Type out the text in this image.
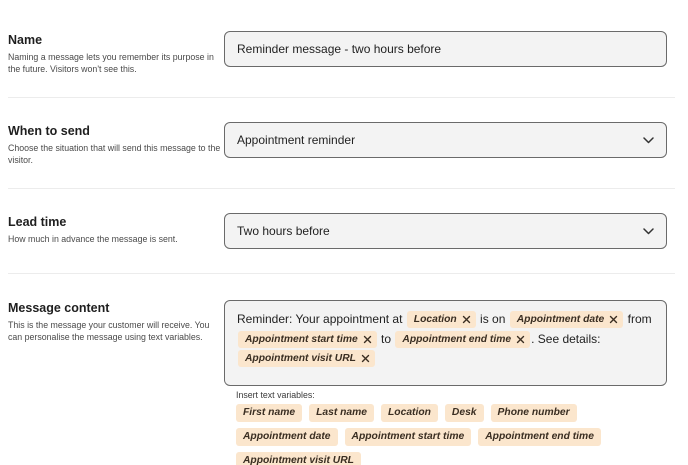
Name
Naming a message lets you remember its purpose in the future. Visitors won't see this.
Reminder message - two hours before
When to send
Choose the situation that will send this message to the visitor.
Appointment reminder
Lead time
How much in advance the message is sent.
Two hours before
Message content
This is the message your customer will receive. You can personalise the message using text variables.
Reminder: Your appointment at Location is on Appointment date from
Appointment start time to Appointment end time . See details:
Appointment visit URL
Insert text variables:
First name	Last name	Location	Desk	Phone number
Appointment date	Appointment start time	Appointment end time
Appointment visit URL
